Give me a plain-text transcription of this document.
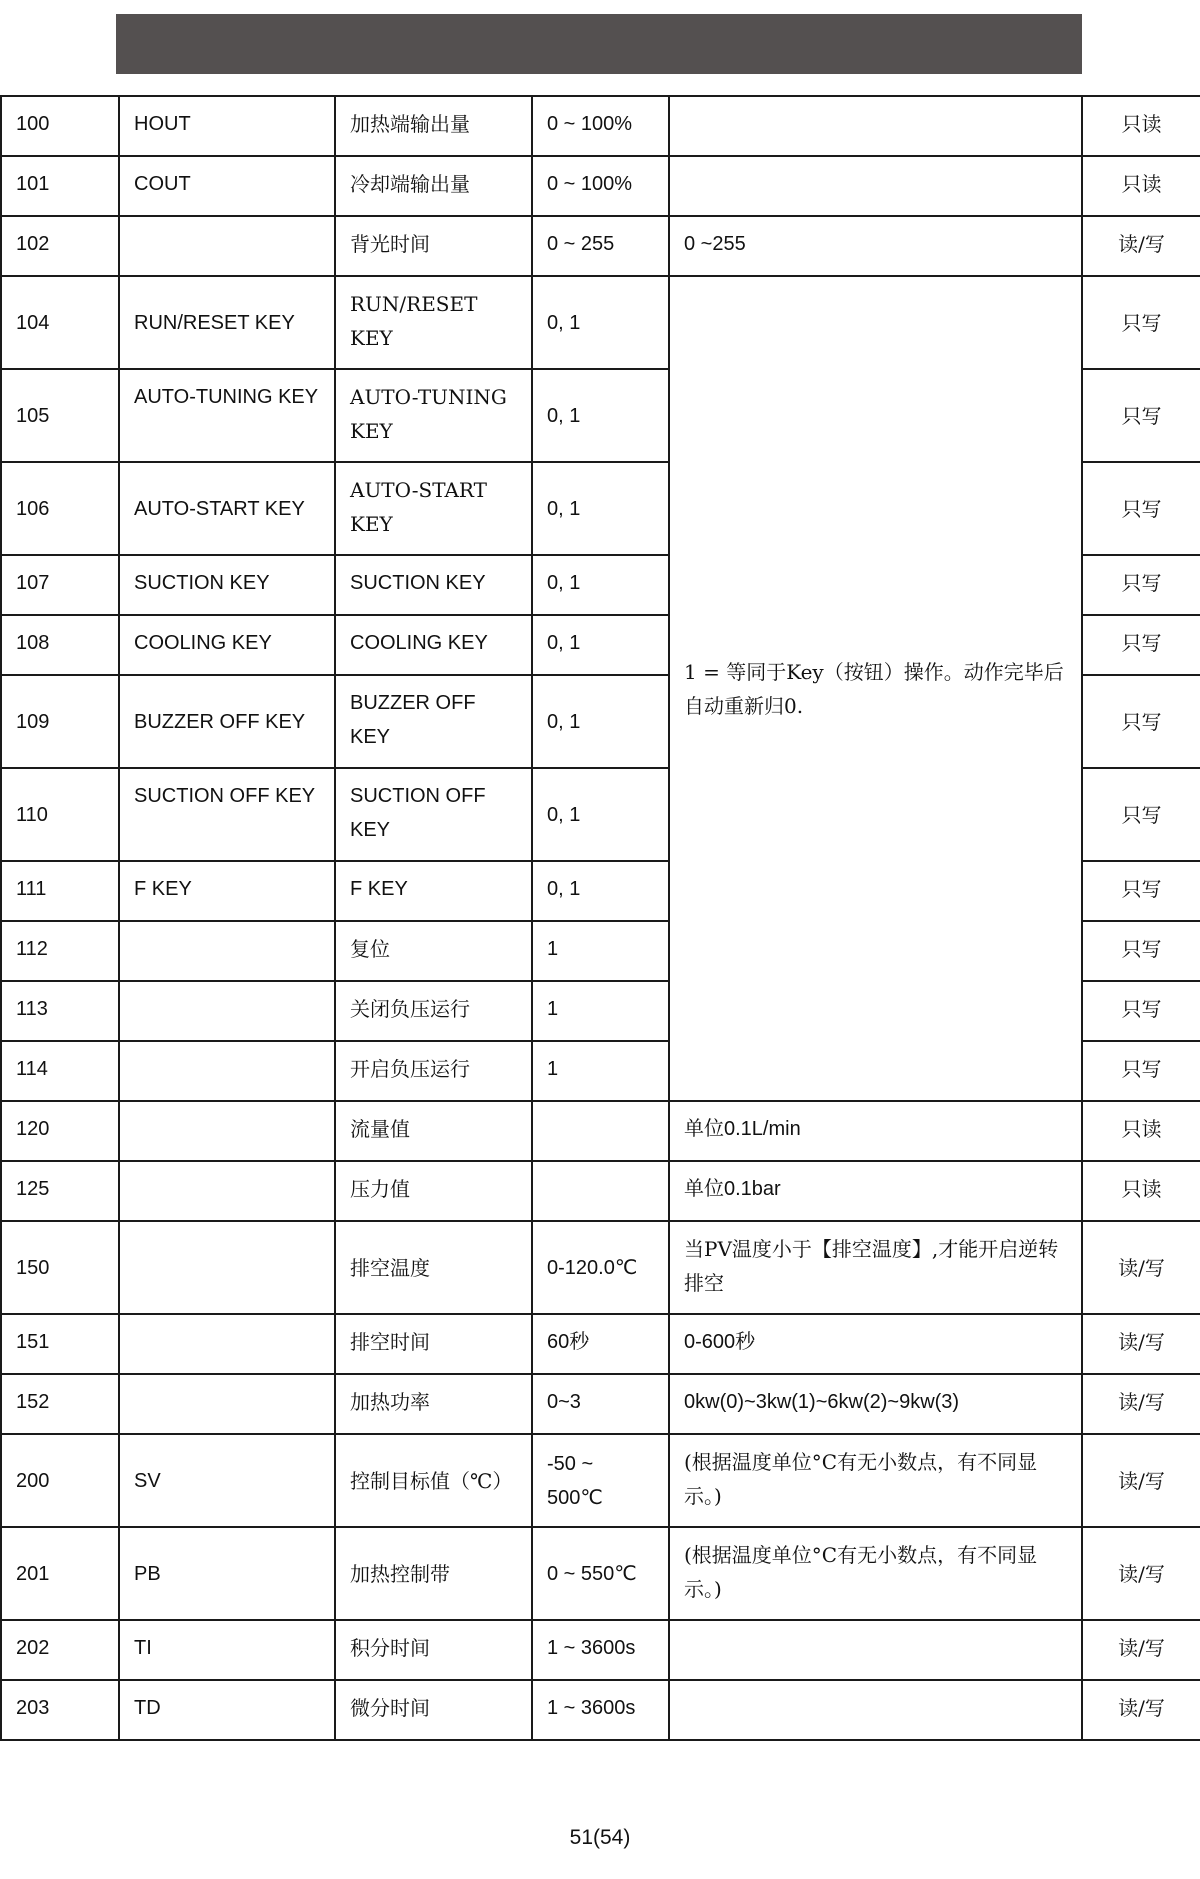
100	HOUT	加热端输出量	0 ~ 100%		只读
101	COUT	冷却端输出量	0 ~ 100%		只读
102		背光时间	0 ~ 255	0 ~255	读/写
104	RUN/RESET KEY	RUN/RESET KEY	0, 1	1 = 等同于Key（按钮）操作。动作完毕后自动重新归0.	只写
105	AUTO-TUNING KEY	AUTO-TUNING KEY	0, 1		只写
106	AUTO-START KEY	AUTO-START KEY	0, 1		只写
107	SUCTION KEY	SUCTION KEY	0, 1		只写
108	COOLING KEY	COOLING KEY	0, 1		只写
109	BUZZER OFF KEY	BUZZER OFF KEY	0, 1		只写
110	SUCTION OFF KEY	SUCTION OFF KEY	0, 1		只写
111	F KEY	F KEY	0, 1		只写
112		复位	1		只写
113		关闭负压运行	1		只写
114		开启负压运行	1		只写
120		流量值		单位0.1L/min	只读
125		压力值		单位0.1bar	只读
150		排空温度	0-120.0℃	当PV温度小于【排空温度】,才能开启逆转排空	读/写
151		排空时间	60秒	0-600秒	读/写
152		加热功率	0~3	0kw(0)~3kw(1)~6kw(2)~9kw(3)	读/写
200	SV	控制目标值（℃）	-50 ~ 500℃	(根据温度单位°C有无小数点，有不同显示。)	读/写
201	PB	加热控制带	0 ~ 550℃	(根据温度单位°C有无小数点，有不同显示。)	读/写
202	TI	积分时间	1 ~ 3600s		读/写
203	TD	微分时间	1 ~ 3600s		读/写
51(54)
